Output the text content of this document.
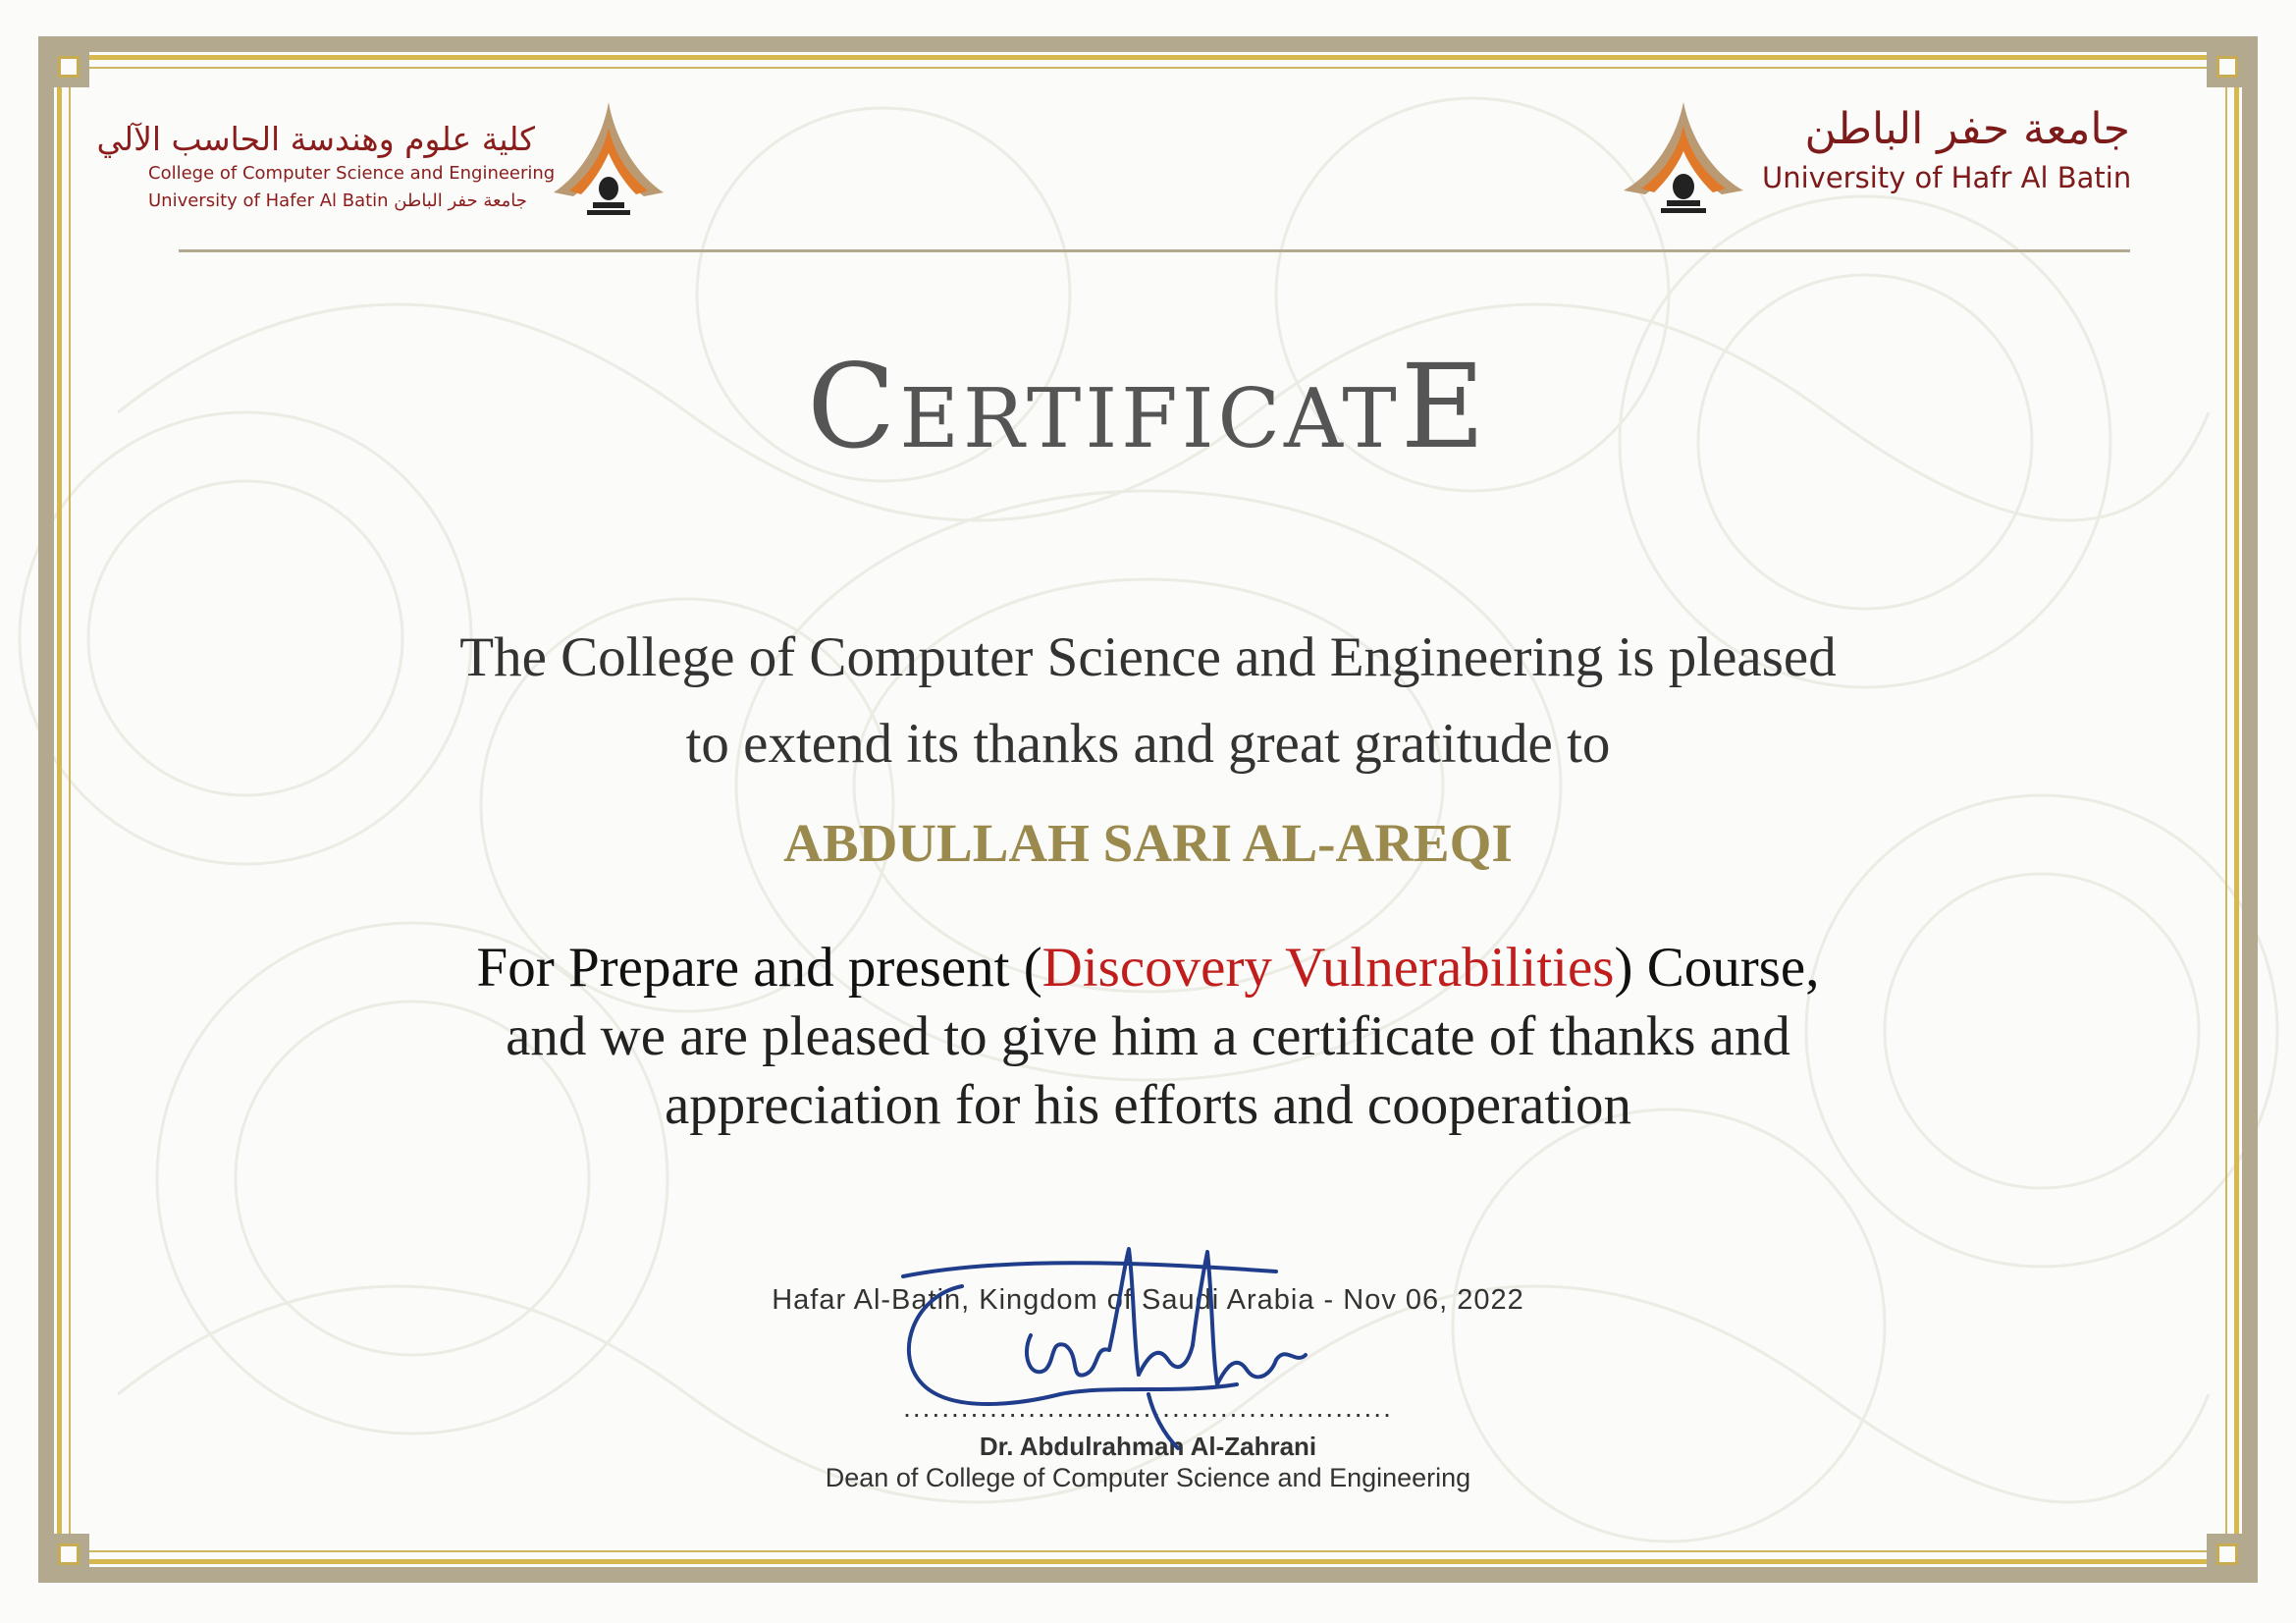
كلية علوم وهندسة الحاسب الآلي
College of Computer Science and Engineering
University of Hafer Al Batin جامعة حفر الباطن
جامعة حفر الباطن
University of Hafr Al Batin
CertificatE
The College of Computer Science and Engineering is pleased
to extend its thanks and great gratitude to
ABDULLAH SARI AL-AREQI
For Prepare and present (Discovery Vulnerabilities) Course,
and we are pleased to give him a certificate of thanks and
appreciation for his efforts and cooperation
Hafar Al-Batin, Kingdom of Saudi Arabia - Nov 06, 2022
...................................................
Dr. Abdulrahman Al-Zahrani
Dean of College of Computer Science and Engineering
